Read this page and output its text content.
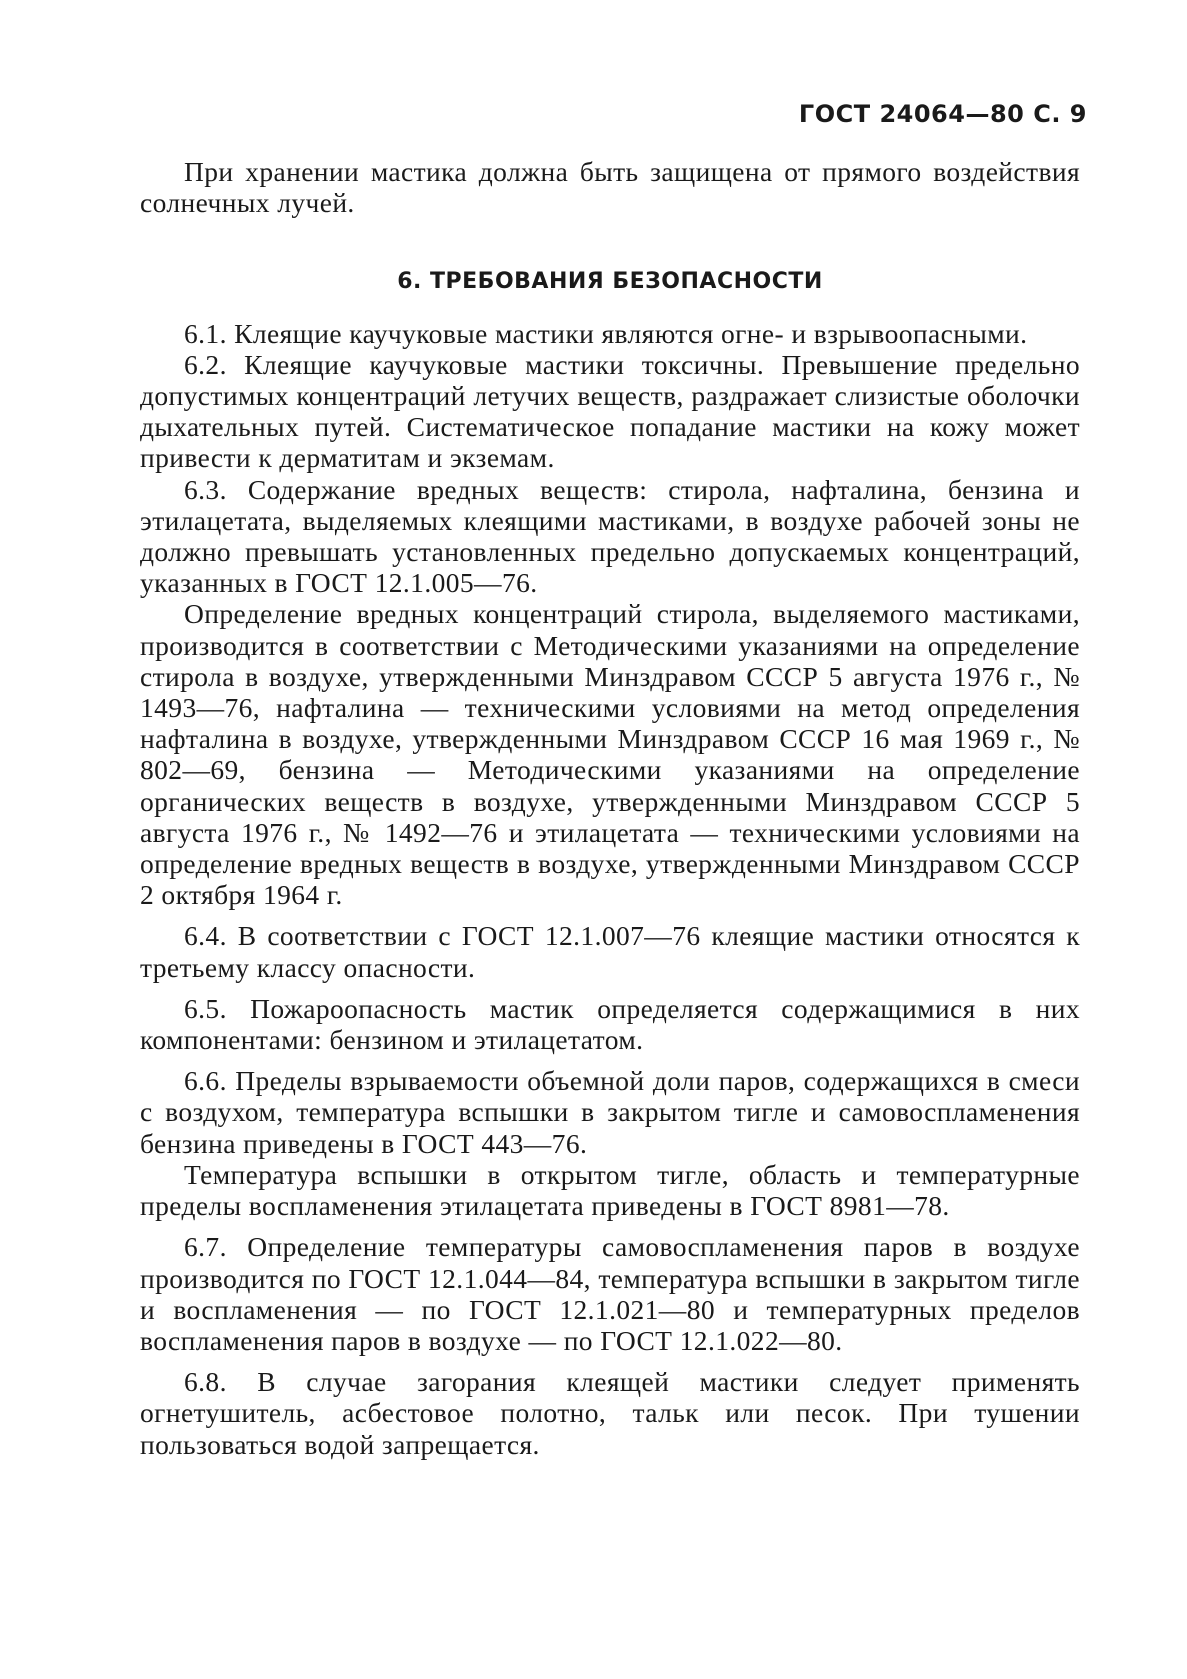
ГОСТ 24064—80 С. 9

При хранении мастика должна быть защищена от прямого воздействия солнечных лучей.

6. ТРЕБОВАНИЯ БЕЗОПАСНОСТИ

6.1. Клеящие каучуковые мастики являются огне- и взрывоопасными.

6.2. Клеящие каучуковые мастики токсичны. Превышение предельно допустимых концентраций летучих веществ, раздражает слизистые оболочки дыхательных путей. Систематическое попадание мастики на кожу может привести к дерматитам и экземам.

6.3. Содержание вредных веществ: стирола, нафталина, бензина и этилацетата, выделяемых клеящими мастиками, в воздухе рабочей зоны не должно превышать установленных предельно допускаемых концентраций, указанных в ГОСТ 12.1.005—76.

Определение вредных концентраций стирола, выделяемого мастиками, производится в соответствии с Методическими указаниями на определение стирола в воздухе, утвержденными Минздравом СССР 5 августа 1976 г., № 1493—76, нафталина — техническими условиями на метод определения нафталина в воздухе, утвержденными Минздравом СССР 16 мая 1969 г., № 802—69, бензина — Методическими указаниями на определение органических веществ в воздухе, утвержденными Минздравом СССР 5 августа 1976 г., № 1492—76 и этилацетата — техническими условиями на определение вредных веществ в воздухе, утвержденными Минздравом СССР 2 октября 1964 г.

6.4. В соответствии с ГОСТ 12.1.007—76 клеящие мастики относятся к третьему классу опасности.

6.5. Пожароопасность мастик определяется содержащимися в них компонентами: бензином и этилацетатом.

6.6. Пределы взрываемости объемной доли паров, содержащихся в смеси с воздухом, температура вспышки в закрытом тигле и самовоспламенения бензина приведены в ГОСТ 443—76.

Температура вспышки в открытом тигле, область и температурные пределы воспламенения этилацетата приведены в ГОСТ 8981—78.

6.7. Определение температуры самовоспламенения паров в воздухе производится по ГОСТ 12.1.044—84, температура вспышки в закрытом тигле и воспламенения — по ГОСТ 12.1.021—80 и температурных пределов воспламенения паров в воздухе — по ГОСТ 12.1.022—80.

6.8. В случае загорания клеящей мастики следует применять огнетушитель, асбестовое полотно, тальк или песок. При тушении пользоваться водой запрещается.
